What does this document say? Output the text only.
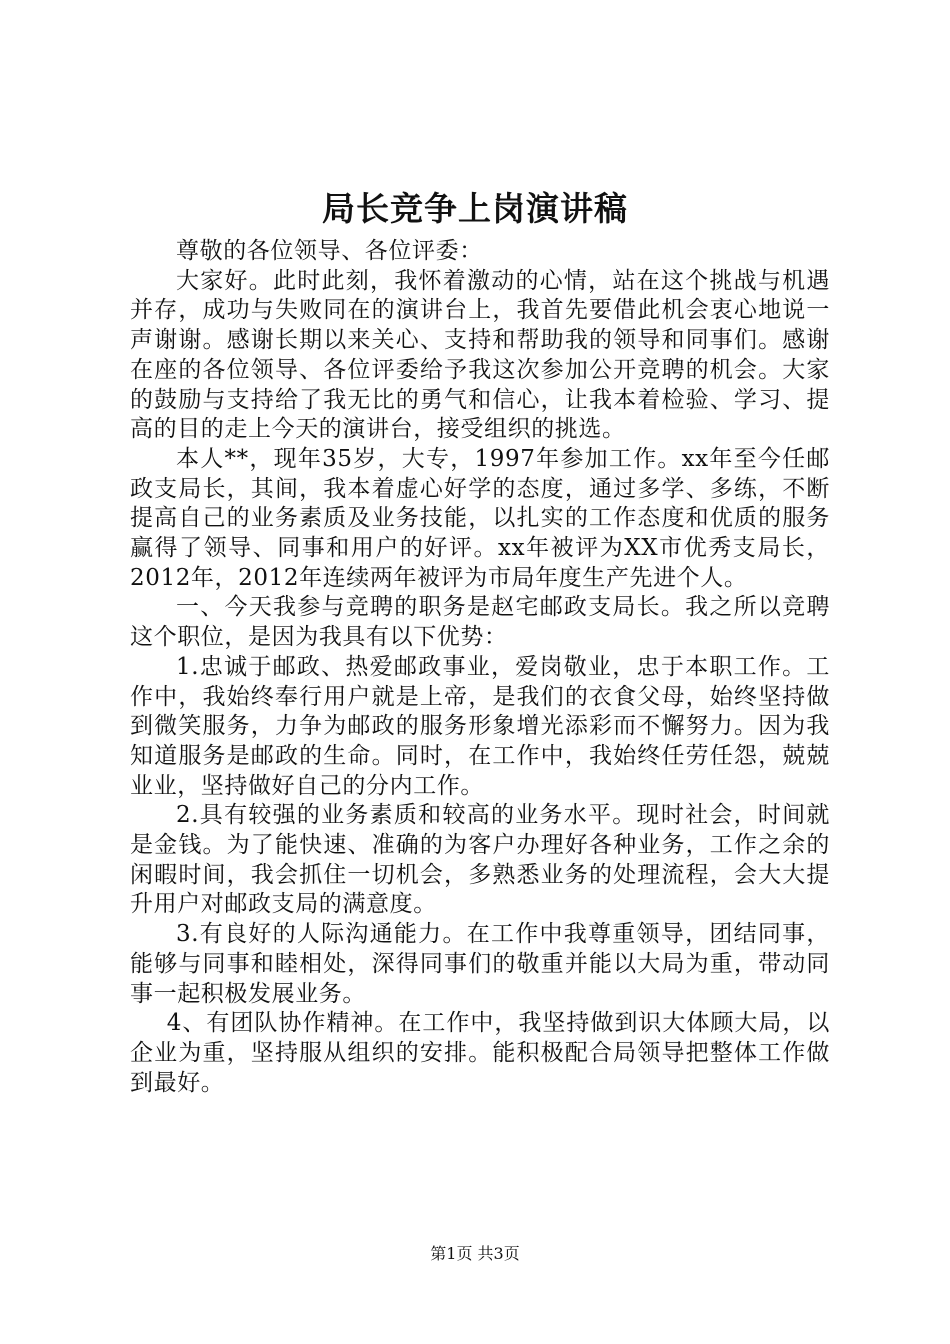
局长竞争上岗演讲稿

尊敬的各位领导、各位评委：

大家好。此时此刻，我怀着激动的心情，站在这个挑战与机遇并存，成功与失败同在的演讲台上，我首先要借此机会衷心地说一声谢谢。感谢长期以来关心、支持和帮助我的领导和同事们。感谢在座的各位领导、各位评委给予我这次参加公开竞聘的机会。大家的鼓励与支持给了我无比的勇气和信心，让我本着检验、学习、提高的目的走上今天的演讲台，接受组织的挑选。

本人**，现年35岁，大专，1997年参加工作。xx年至今任邮政支局长，其间，我本着虚心好学的态度，通过多学、多练，不断提高自己的业务素质及业务技能，以扎实的工作态度和优质的服务赢得了领导、同事和用户的好评。xx年被评为XX市优秀支局长，2012年，2012年连续两年被评为市局年度生产先进个人。

一、今天我参与竞聘的职务是赵宅邮政支局长。我之所以竞聘这个职位，是因为我具有以下优势：

1.忠诚于邮政、热爱邮政事业，爱岗敬业，忠于本职工作。工作中，我始终奉行用户就是上帝，是我们的衣食父母，始终坚持做到微笑服务，力争为邮政的服务形象增光添彩而不懈努力。因为我知道服务是邮政的生命。同时，在工作中，我始终任劳任怨，兢兢业业，坚持做好自己的分内工作。

2.具有较强的业务素质和较高的业务水平。现时社会，时间就是金钱。为了能快速、准确的为客户办理好各种业务，工作之余的闲暇时间，我会抓住一切机会，多熟悉业务的处理流程，会大大提升用户对邮政支局的满意度。

3.有良好的人际沟通能力。在工作中我尊重领导，团结同事，能够与同事和睦相处，深得同事们的敬重并能以大局为重，带动同事一起积极发展业务。

4、有团队协作精神。在工作中，我坚持做到识大体顾大局，以企业为重，坚持服从组织的安排。能积极配合局领导把整体工作做到最好。

第1页 共3页
